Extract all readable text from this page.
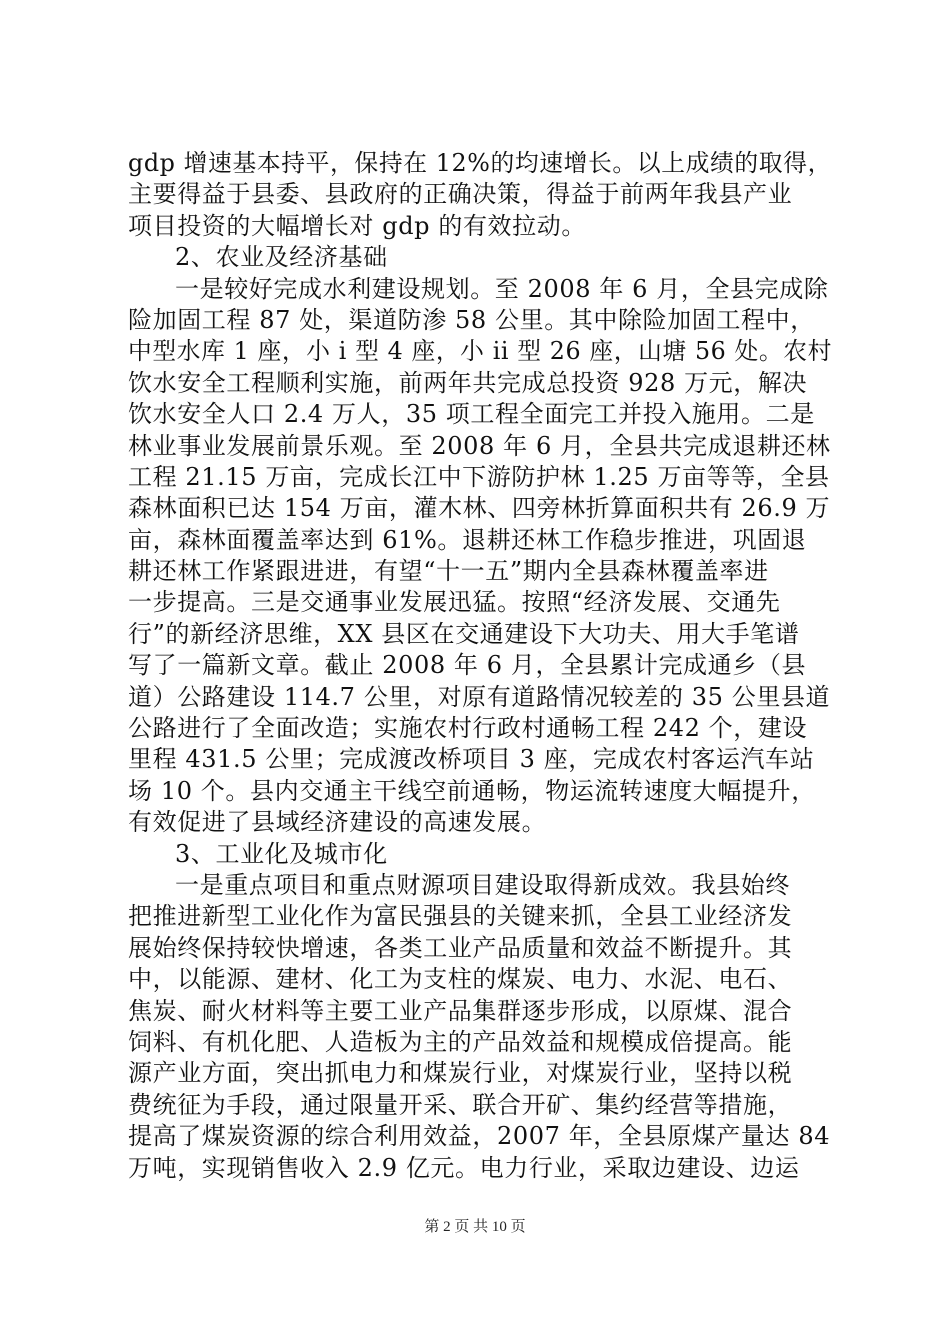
gdp 增速基本持平，保持在 12%的均速增长。以上成绩的取得，
主要得益于县委、县政府的正确决策，得益于前两年我县产业
项目投资的大幅增长对 gdp 的有效拉动。
2、农业及经济基础
一是较好完成水利建设规划。至 2008 年 6 月，全县完成除
险加固工程 87 处，渠道防渗 58 公里。其中除险加固工程中，
中型水库 1 座，小 i 型 4 座，小 ii 型 26 座，山塘 56 处。农村
饮水安全工程顺利实施，前两年共完成总投资 928 万元，解决
饮水安全人口 2.4 万人，35 项工程全面完工并投入施用。二是
林业事业发展前景乐观。至 2008 年 6 月，全县共完成退耕还林
工程 21.15 万亩，完成长江中下游防护林 1.25 万亩等等，全县
森林面积已达 154 万亩，灌木林、四旁林折算面积共有 26.9 万
亩，森林面覆盖率达到 61%。退耕还林工作稳步推进，巩固退
耕还林工作紧跟进进，有望“十一五”期内全县森林覆盖率进
一步提高。三是交通事业发展迅猛。按照“经济发展、交通先
行”的新经济思维，XX 县区在交通建设下大功夫、用大手笔谱
写了一篇新文章。截止 2008 年 6 月，全县累计完成通乡（县
道）公路建设 114.7 公里，对原有道路情况较差的 35 公里县道
公路进行了全面改造；实施农村行政村通畅工程 242 个，建设
里程 431.5 公里；完成渡改桥项目 3 座，完成农村客运汽车站
场 10 个。县内交通主干线空前通畅，物运流转速度大幅提升，
有效促进了县域经济建设的高速发展。
3、工业化及城市化
一是重点项目和重点财源项目建设取得新成效。我县始终
把推进新型工业化作为富民强县的关键来抓，全县工业经济发
展始终保持较快增速，各类工业产品质量和效益不断提升。其
中，以能源、建材、化工为支柱的煤炭、电力、水泥、电石、
焦炭、耐火材料等主要工业产品集群逐步形成，以原煤、混合
饲料、有机化肥、人造板为主的产品效益和规模成倍提高。能
源产业方面，突出抓电力和煤炭行业，对煤炭行业，坚持以税
费统征为手段，通过限量开采、联合开矿、集约经营等措施，
提高了煤炭资源的综合利用效益，2007 年，全县原煤产量达 84
万吨，实现销售收入 2.9 亿元。电力行业，采取边建设、边运
第 2 页 共 10 页
